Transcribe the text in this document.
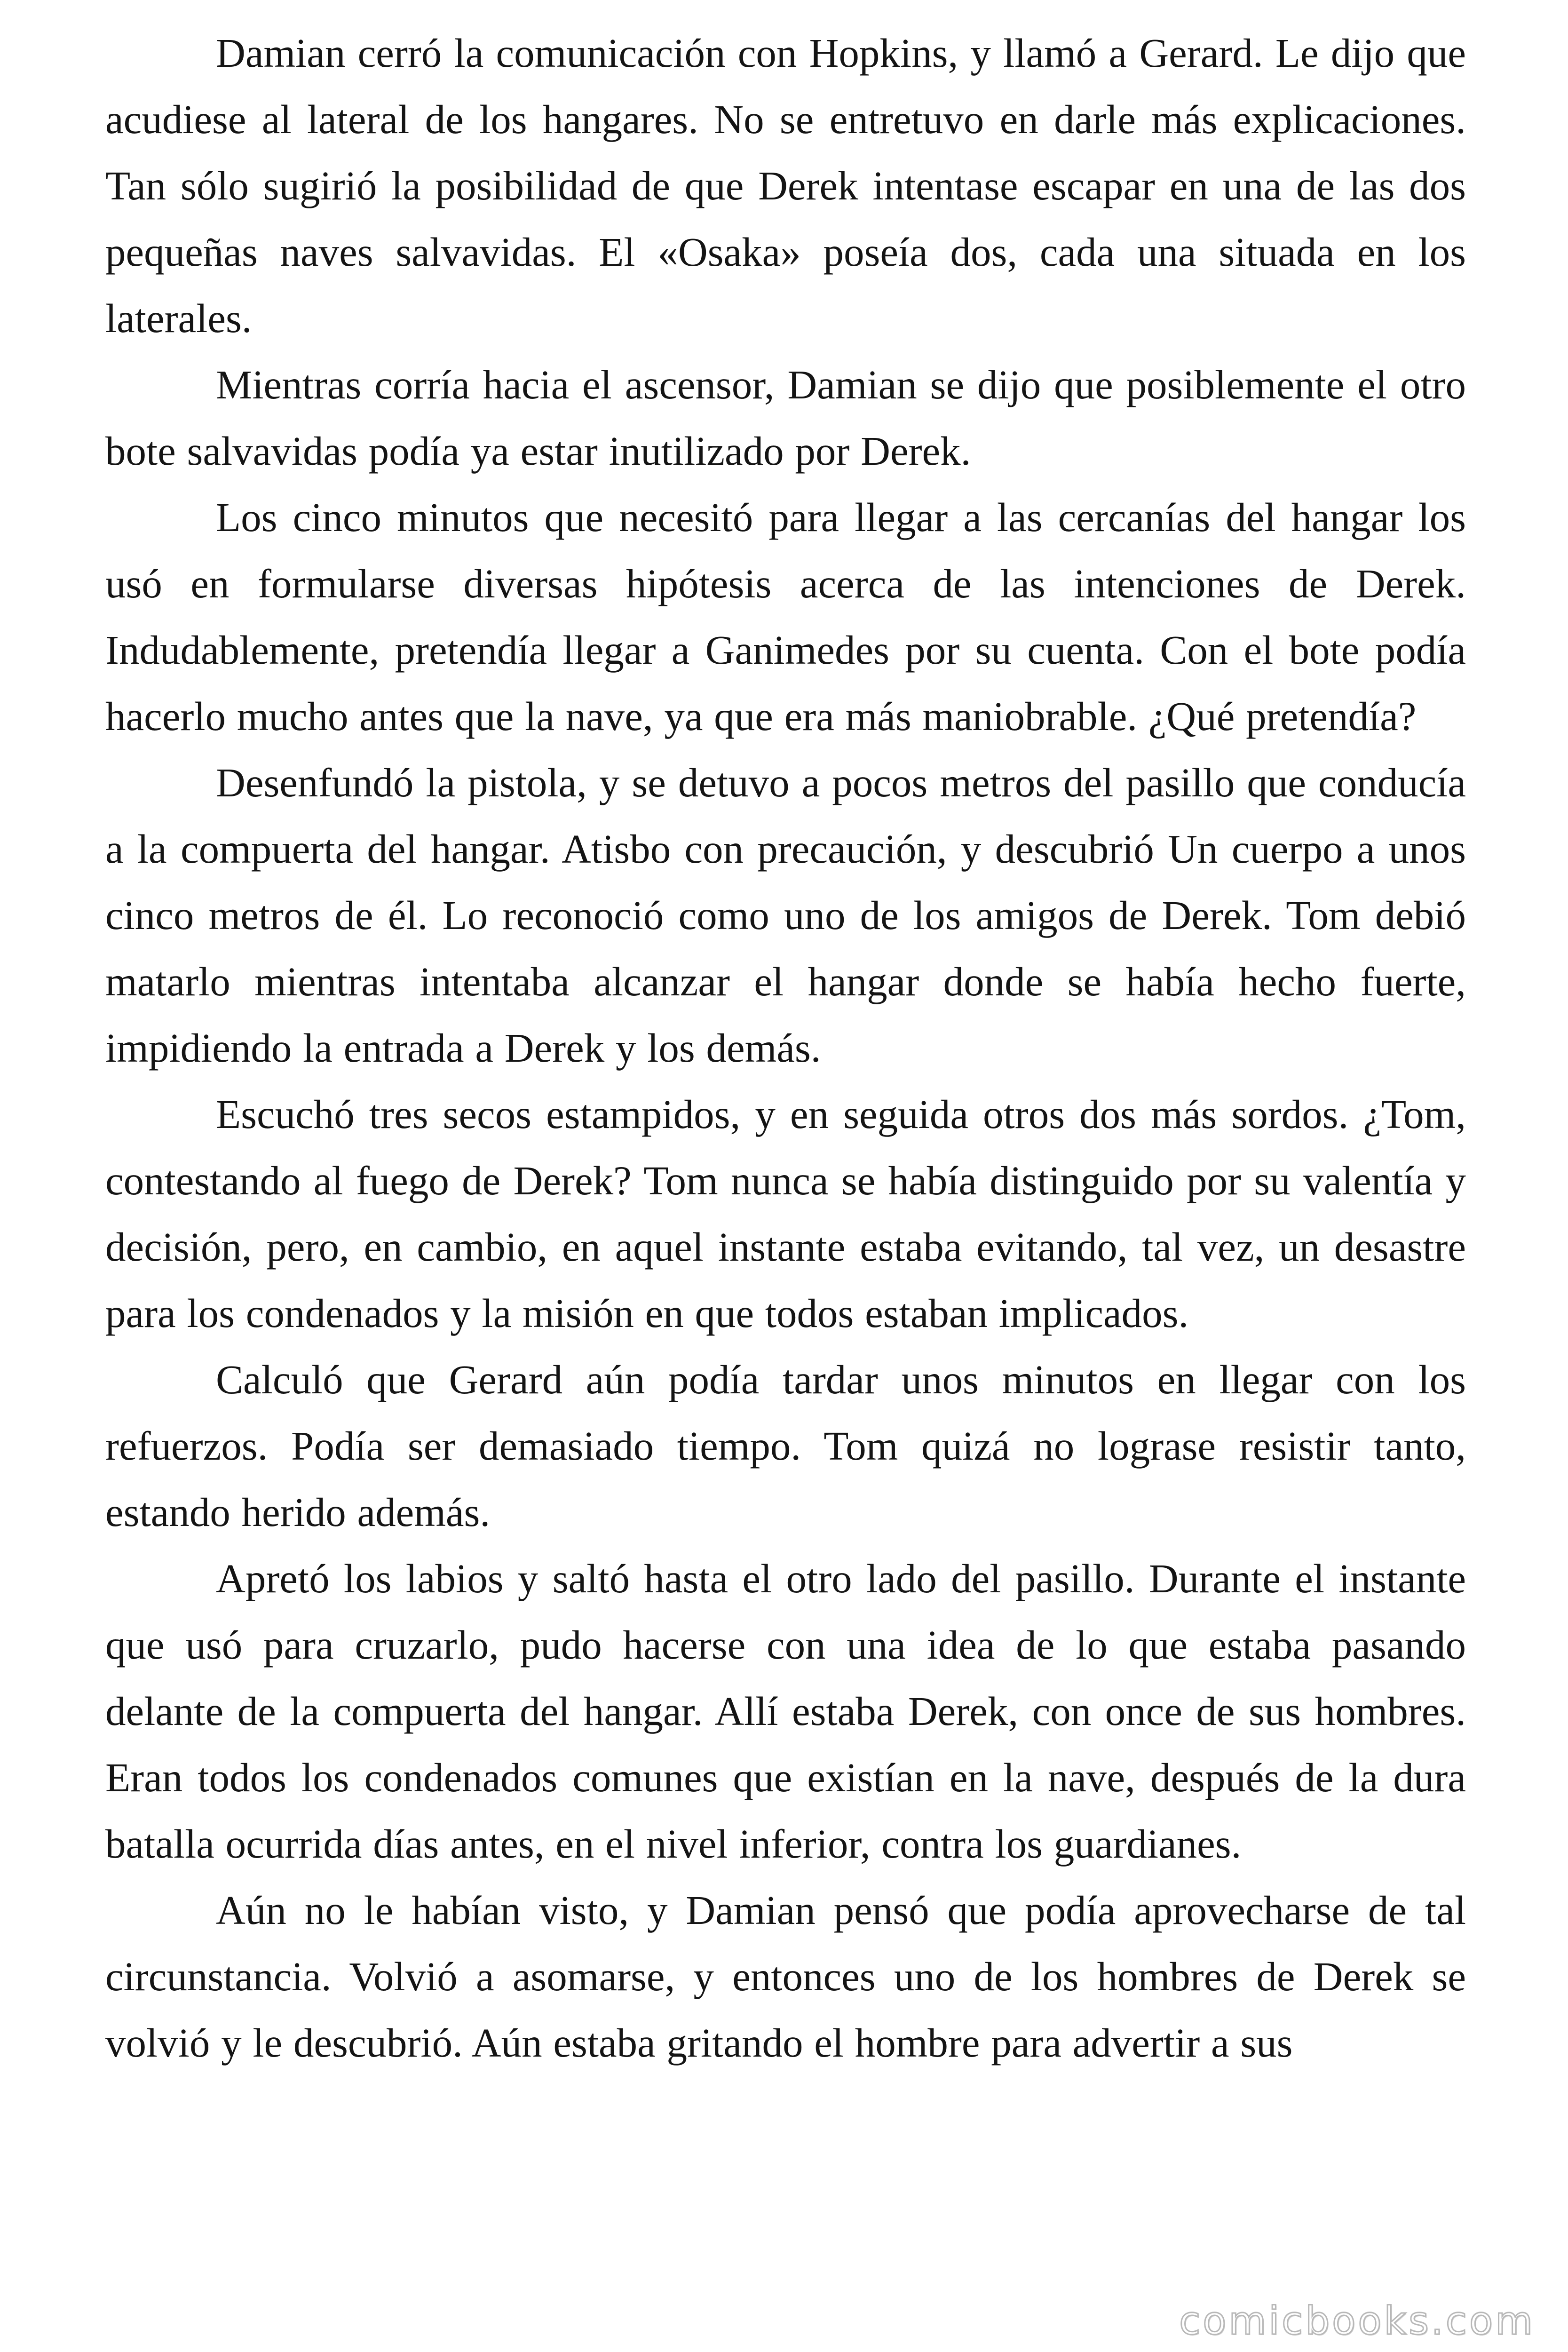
Damian cerró la comunicación con Hopkins, y llamó a Gerard. Le dijo que acudiese al lateral de los hangares. No se entretuvo en darle más explicaciones. Tan sólo sugirió la posibilidad de que Derek intentase escapar en una de las dos pequeñas naves salvavidas. El «Osaka» poseía dos, cada una situada en los laterales.

Mientras corría hacia el ascensor, Damian se dijo que posiblemente el otro bote salvavidas podía ya estar inutilizado por Derek.

Los cinco minutos que necesitó para llegar a las cercanías del hangar los usó en formularse diversas hipótesis acerca de las intenciones de Derek. Indudablemente, pretendía llegar a Ganimedes por su cuenta. Con el bote podía hacerlo mucho antes que la nave, ya que era más maniobrable. ¿Qué pretendía?

Desenfundó la pistola, y se detuvo a pocos metros del pasillo que conducía a la compuerta del hangar. Atisbo con precaución, y descubrió Un cuerpo a unos cinco metros de él. Lo reconoció como uno de los amigos de Derek. Tom debió matarlo mientras intentaba alcanzar el hangar donde se había hecho fuerte, impidiendo la entrada a Derek y los demás.

Escuchó tres secos estampidos, y en seguida otros dos más sordos. ¿Tom, contestando al fuego de Derek? Tom nunca se había distinguido por su valentía y decisión, pero, en cambio, en aquel instante estaba evitando, tal vez, un desastre para los condenados y la misión en que todos estaban implicados.

Calculó que Gerard aún podía tardar unos minutos en llegar con los refuerzos. Podía ser demasiado tiempo. Tom quizá no lograse resistir tanto, estando herido además.

Apretó los labios y saltó hasta el otro lado del pasillo. Durante el instante que usó para cruzarlo, pudo hacerse con una idea de lo que estaba pasando delante de la compuerta del hangar. Allí estaba Derek, con once de sus hombres. Eran todos los condenados comunes que existían en la nave, después de la dura batalla ocurrida días antes, en el nivel inferior, contra los guardianes.

Aún no le habían visto, y Damian pensó que podía aprovecharse de tal circunstancia. Volvió a asomarse, y entonces uno de los hombres de Derek se volvió y le descubrió. Aún estaba gritando el hombre para advertir a sus

comicbooks.com
